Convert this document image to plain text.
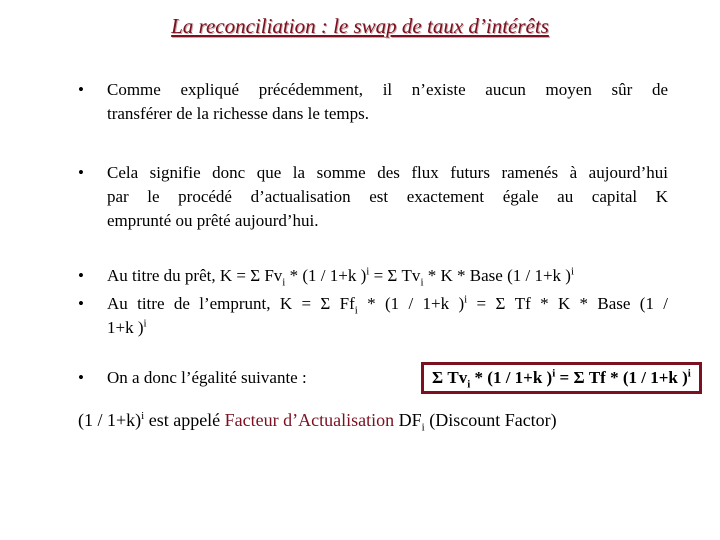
La reconciliation : le swap de taux d’intérêts
•	Comme expliqué précédemment, il n’existe aucun moyen sûr de
transférer de la richesse dans le temps.
•	Cela signifie donc que la somme des flux futurs ramenés à aujourd’hui
par le procédé d’actualisation est exactement égale au capital K
emprunté ou prêté aujourd’hui.
•	Au titre du prêt, K = Σ $Fv_i * (1 / 1+k$ )$^i$ = Σ $Tv_i$ * K * Base (1 / 1+k )$^i$
•	Au titre de l’emprunt, K = Σ $Ff_i * (1 / 1+k$ )$^i$ = Σ Tf * K * Base (1 /
1+k )$^i$
•	On a donc l’égalité suivante :	Σ $Tv_i * (1 / 1+k$ )$^i$ = Σ Tf * (1 / 1+k )$^i$
$(1 / 1+k)^i$ est appelé Facteur d’Actualisation $DF_i$ (Discount Factor)
